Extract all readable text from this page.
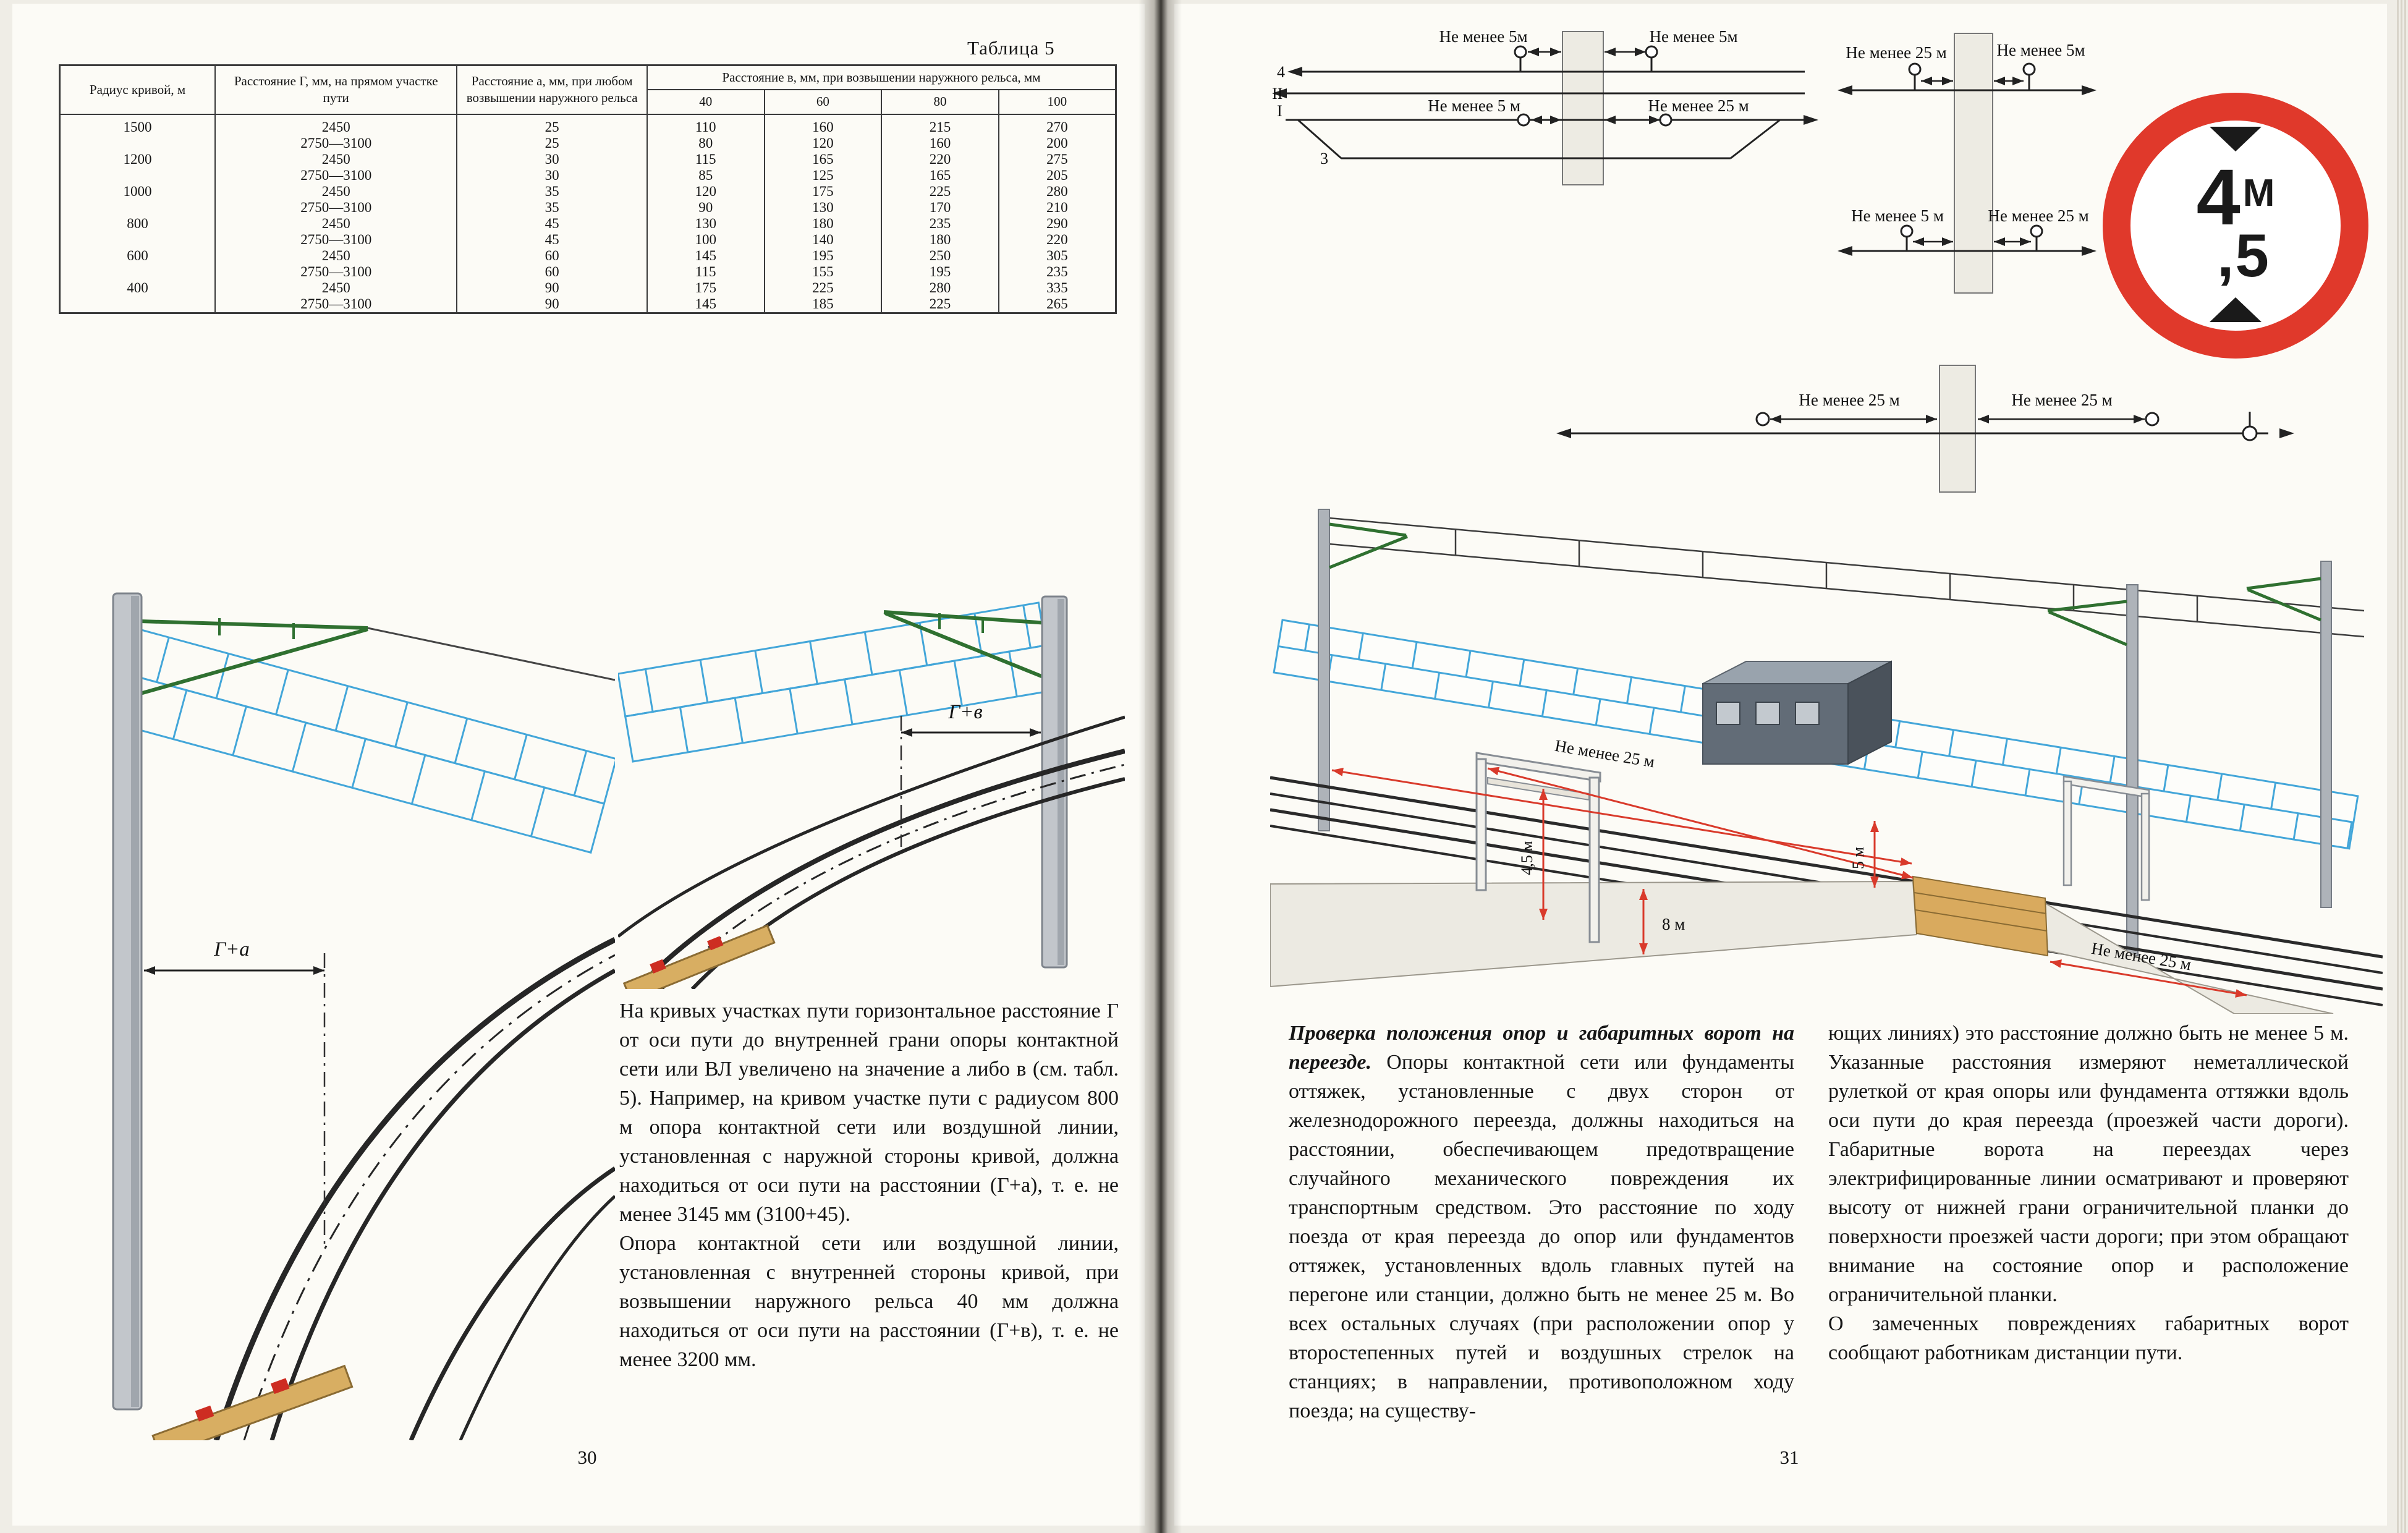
Таблица 5
Радиус кривой, м	Расстояние Г, мм, на прямом участке пути	Расстояние а, мм, при любом возвышении наружного рельса	Расстояние в, мм, при возвышении наружного рельса, мм			
			40	60	80	100
1500	2450	25	110	160	215	270
	2750—3100	25	80	120	160	200
1200	2450	30	115	165	220	275
	2750—3100	30	85	125	165	205
1000	2450	35	120	175	225	280
	2750—3100	35	90	130	170	210
800	2450	45	130	180	235	290
	2750—3100	45	100	140	180	220
600	2450	60	145	195	250	305
	2750—3100	60	115	155	195	235
400	2450	90	175	225	280	335
	2750—3100	90	145	185	225	265
Г+а
Г+в

На кривых участках пути горизонтальное расстояние Г от оси пути до внутренней грани опоры контактной сети или ВЛ увеличено на значение а либо в (см. табл. 5). Например, на кривом участке пути с радиусом 800 м опора контактной сети или воздушной линии, установленная с наружной стороны кривой, должна находиться от оси пути на расстоянии (Г+а), т. е. не менее 3145 мм (3100+45).

Опора контактной сети или воздушной линии, установленная с внутренней стороны кривой, при возвышении наружного рельса 40 мм должна находиться от оси пути на расстоянии (Г+в), т. е. не менее 3200 мм.

30
4
II
I
3
Не менее 5м	Не менее 5м
Не менее 5 м	Не менее 25 м
Не менее 25 м	Не менее 5м
Не менее 5 м	Не менее 25 м
Не менее 25 м	Не менее 25 м
4М
,5
Не менее 25 м
5 м
4,5 м
8 м
Не менее 25 м

Проверка положения опор и габаритных ворот на переезде. Опоры контактной сети или фундаменты оттяжек, установленные с двух сторон от железнодорожного переезда, должны находиться на расстоянии, обеспечивающем предотвращение случайного механического повреждения их транспортным средством. Это расстояние по ходу поезда от края переезда до опор или фундаментов оттяжек, установленных вдоль главных путей на перегоне или станции, должно быть не менее 25 м. Во всех остальных случаях (при расположении опор у второстепенных путей и воздушных стрелок на станциях; в направлении, противоположном ходу поезда; на существу-

ющих линиях) это расстояние должно быть не менее 5 м. Указанные расстояния измеряют неметаллической рулеткой от края опоры или фундамента оттяжки вдоль оси пути до края переезда (проезжей части дороги). Габаритные ворота на переездах через электрифицированные линии осматривают и проверяют высоту от нижней грани ограничительной планки до поверхности проезжей части дороги; при этом обращают внимание на состояние опор и расположение ограничительной планки.

О замеченных повреждениях габаритных ворот сообщают работникам дистанции пути.

31
